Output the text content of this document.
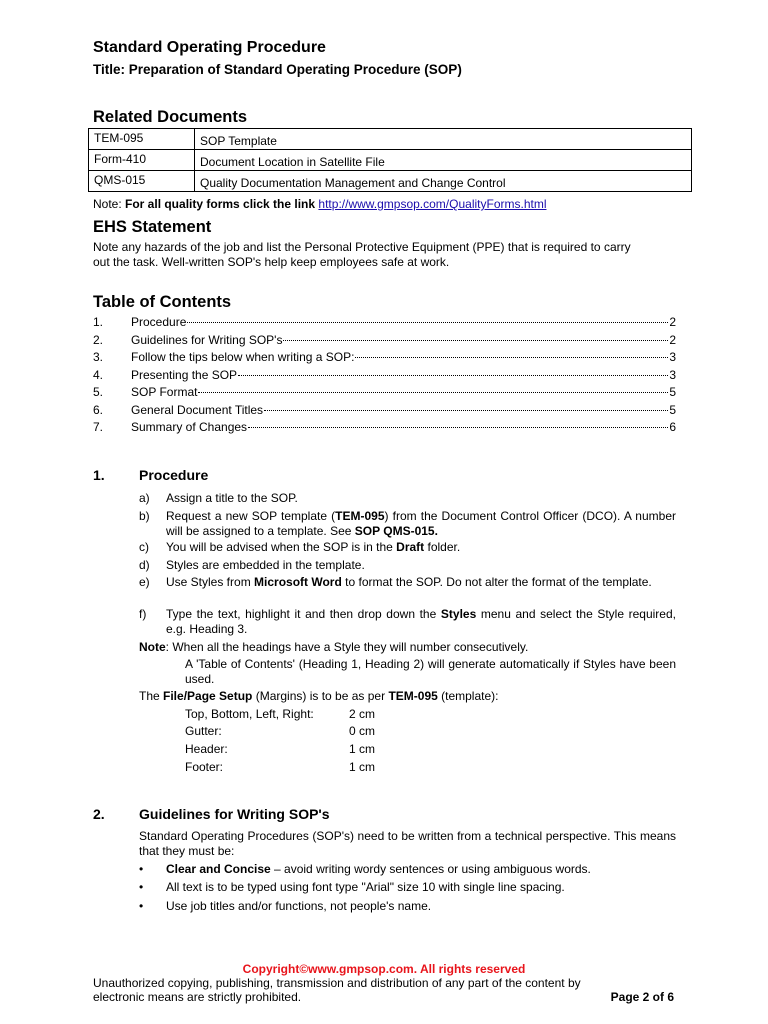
Standard Operating Procedure
Title: Preparation of Standard Operating Procedure (SOP)
Related Documents
TEM-095	SOP Template
Form-410	Document Location in Satellite File
QMS-015	Quality Documentation Management and Change Control
Note: For all quality forms click the link http://www.gmpsop.com/QualityForms.html
EHS Statement
Note any hazards of the job and list the Personal Protective Equipment (PPE) that is required to carry
out the task. Well-written SOP's help keep employees safe at work.
Table of Contents
1.	Procedure	2
2.	Guidelines for Writing SOP's	2
3.	Follow the tips below when writing a SOP:	3
4.	Presenting the SOP	3
5.	SOP Format	5
6.	General Document Titles	5
7.	Summary of Changes	6
1. Procedure
a) Assign a title to the SOP.
b) Request a new SOP template (TEM-095) from the Document Control Officer (DCO). A number will be assigned to a template. See SOP QMS-015.
c) You will be advised when the SOP is in the Draft folder.
d) Styles are embedded in the template.
e) Use Styles from Microsoft Word to format the SOP. Do not alter the format of the template.
f) Type the text, highlight it and then drop down the Styles menu and select the Style required, e.g. Heading 3.
Note: When all the headings have a Style they will number consecutively.
A 'Table of Contents' (Heading 1, Heading 2) will generate automatically if Styles have been used.
The File/Page Setup (Margins) is to be as per TEM-095 (template):
Top, Bottom, Left, Right:	2 cm
Gutter:	0 cm
Header:	1 cm
Footer:	1 cm
2. Guidelines for Writing SOP's
Standard Operating Procedures (SOP's) need to be written from a technical perspective. This means that they must be:
• Clear and Concise – avoid writing wordy sentences or using ambiguous words.
• All text is to be typed using font type "Arial" size 10 with single line spacing.
• Use job titles and/or functions, not people's name.
Copyright©www.gmpsop.com. All rights reserved
Unauthorized copying, publishing, transmission and distribution of any part of the content by
electronic means are strictly prohibited.	Page 2 of 6
